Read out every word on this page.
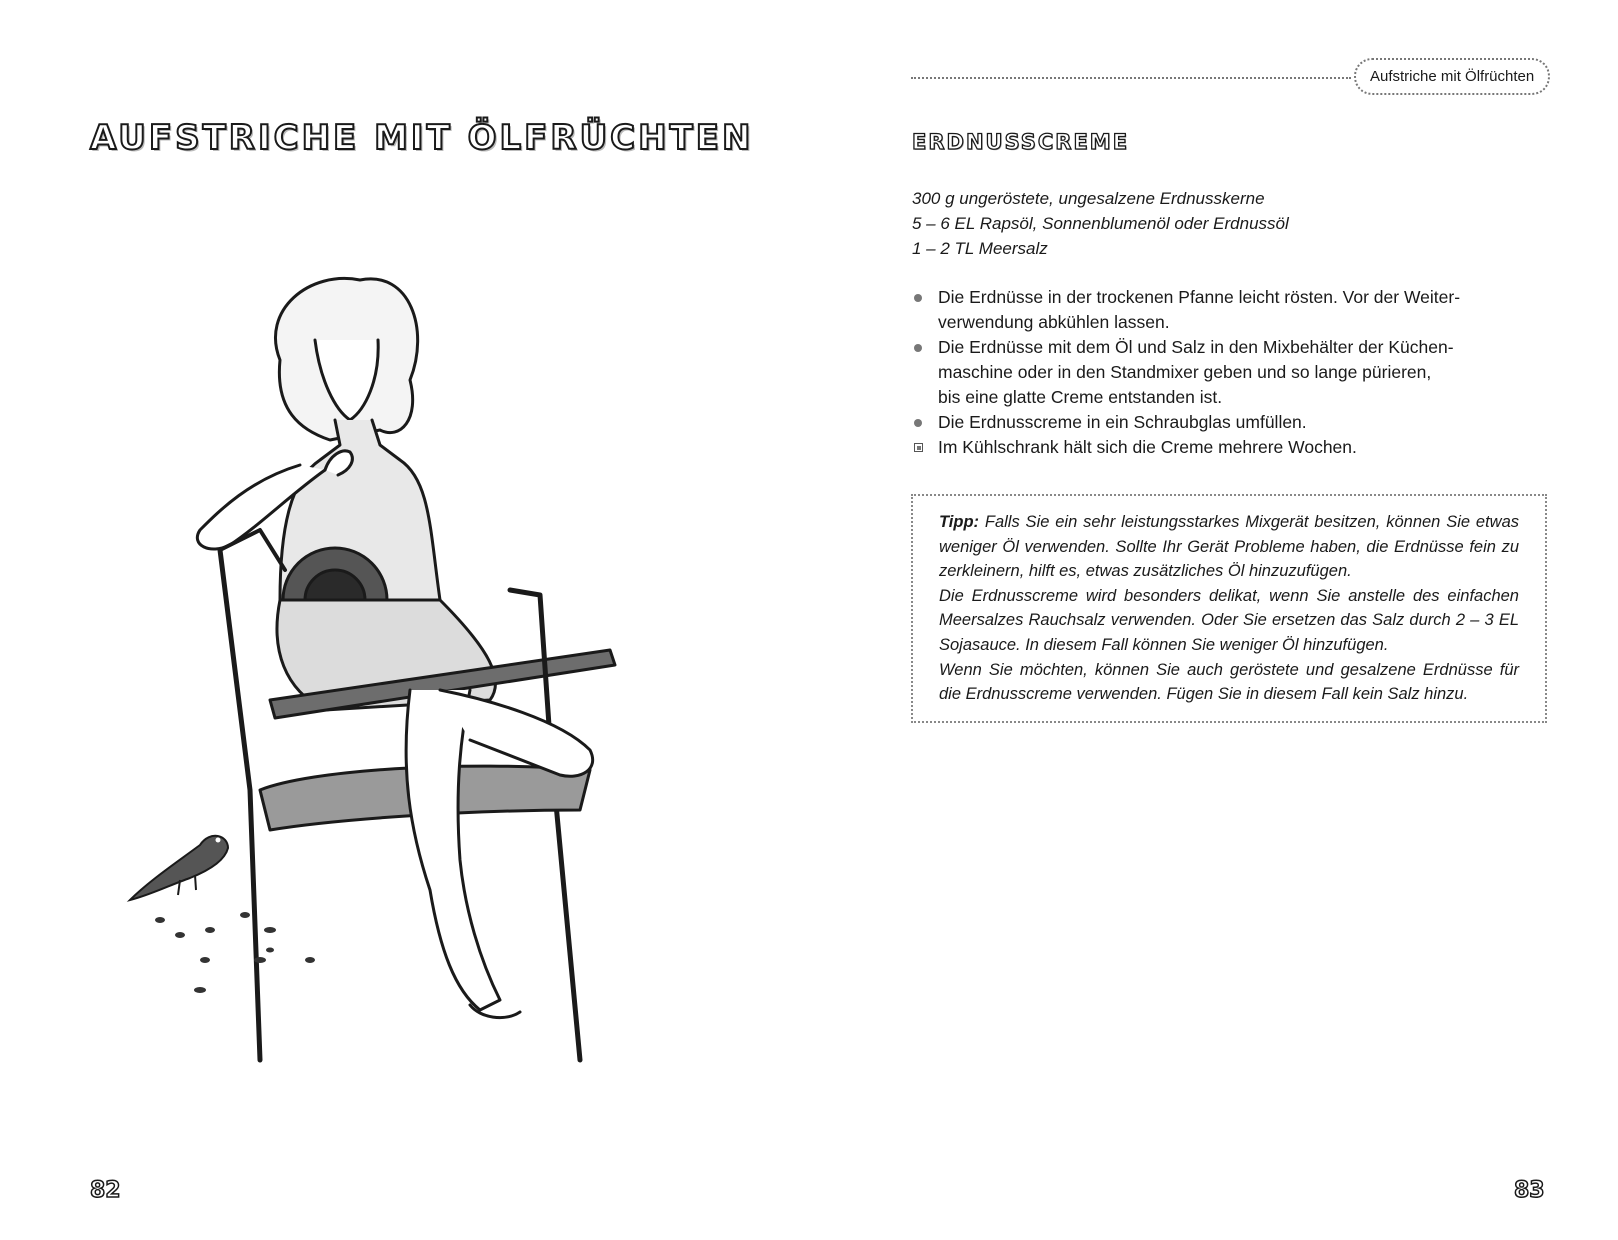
AUFSTRICHE MIT ÖLFRÜCHTEN
82
Aufstriche mit Ölfrüchten
ERDNUSSCREME
300 g ungeröstete, ungesalzene Erdnusskerne
5 – 6 EL Rapsöl, Sonnenblumenöl oder Erdnussöl
1 – 2 TL Meersalz
Die Erdnüsse in der trockenen Pfanne leicht rösten. Vor der Weiter-
verwendung abkühlen lassen.
Die Erdnüsse mit dem Öl und Salz in den Mixbehälter der Küchen-
maschine oder in den Standmixer geben und so lange pürieren,
bis eine glatte Creme entstanden ist.
Die Erdnusscreme in ein Schraubglas umfüllen.
Im Kühlschrank hält sich die Creme mehrere Wochen.

Tipp: Falls Sie ein sehr leistungsstarkes Mixgerät besitzen, können Sie etwas weniger Öl verwenden. Sollte Ihr Gerät Probleme haben, die Erdnüsse fein zu zerkleinern, hilft es, etwas zusätzliches Öl hinzuzufügen.

Die Erdnusscreme wird besonders delikat, wenn Sie anstelle des einfachen Meersalzes Rauchsalz verwenden. Oder Sie ersetzen das Salz durch 2 – 3 EL Sojasauce. In diesem Fall können Sie weniger Öl hinzufügen.

Wenn Sie möchten, können Sie auch geröstete und gesalzene Erdnüsse für die Erdnusscreme verwenden. Fügen Sie in diesem Fall kein Salz hinzu.

83
